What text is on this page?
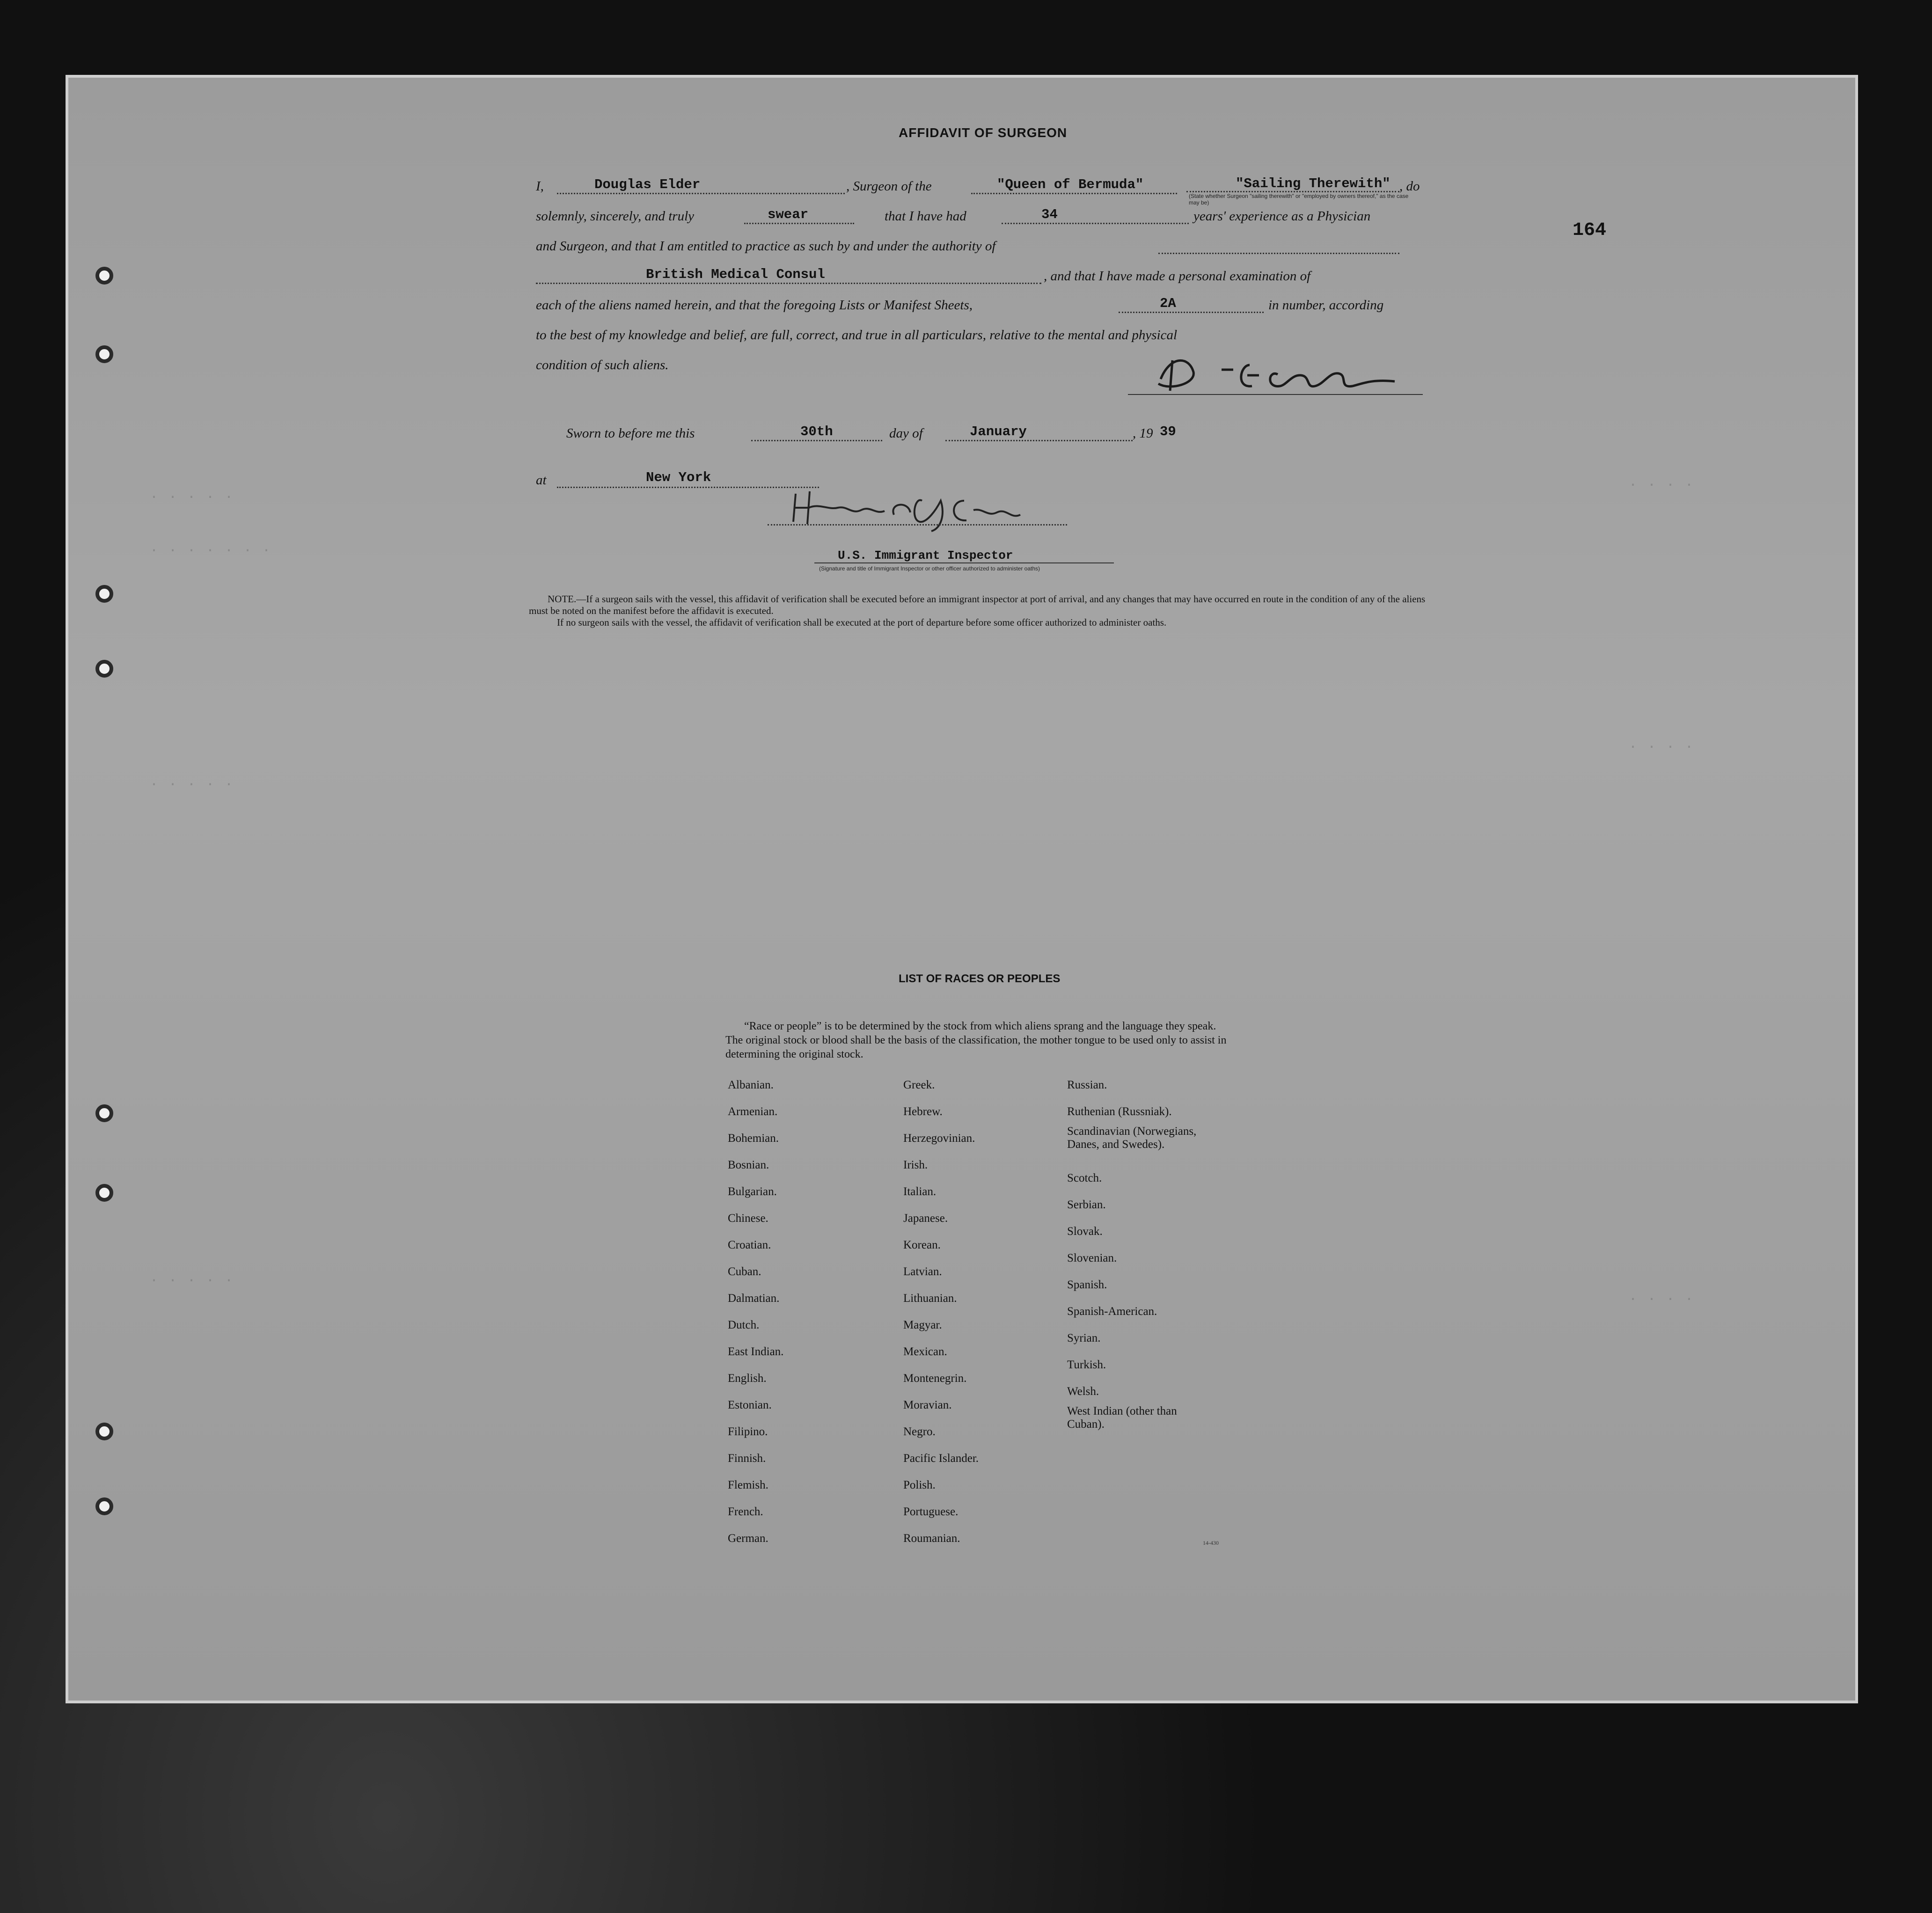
. . . . .
· · · · · · ·
· · · · ·
· · · · ·
· · · ·
· · · ·
· · · ·
164
AFFIDAVIT OF SURGEON
I,	Douglas Elder	, Surgeon of the	"Queen of Bermuda"	"Sailing Therewith" , do
(State whether Surgeon "sailing therewith" or "employed by owners thereof," as the case may be)
solemnly, sincerely, and truly	swear	that I have had	34	years' experience as a Physician
and Surgeon, and that I am entitled to practice as such by and under the authority of
British Medical Consul	, and that I have made a personal examination of
each of the aliens named herein, and that the foregoing Lists or Manifest Sheets,	2A	in number, according
to the best of my knowledge and belief, are full, correct, and true in all particulars, relative to the mental and physical
condition of such aliens.
Sworn to before me this	30th	day of	January	, 19 39
at	New York
U.S. Immigrant Inspector
(Signature and title of Immigrant Inspector or other officer authorized to administer oaths)
NOTE.—If a surgeon sails with the vessel, this affidavit of verification shall be executed before an immigrant inspector at port of arrival, and any changes that may have occurred en route in the condition of any of the aliens must be noted on the manifest before the affidavit is executed.
If no surgeon sails with the vessel, the affidavit of verification shall be executed at the port of departure before some officer authorized to administer oaths.
LIST OF RACES OR PEOPLES
“Race or people” is to be determined by the stock from which aliens sprang and the language they speak. The original stock or blood shall be the basis of the classification, the mother tongue to be used only to assist in determining the original stock.
Albanian.
Armenian.
Bohemian.
Bosnian.
Bulgarian.
Chinese.
Croatian.
Cuban.
Dalmatian.
Dutch.
East Indian.
English.
Estonian.
Filipino.
Finnish.
Flemish.
French.
German.
Greek.
Hebrew.
Herzegovinian.
Irish.
Italian.
Japanese.
Korean.
Latvian.
Lithuanian.
Magyar.
Mexican.
Montenegrin.
Moravian.
Negro.
Pacific Islander.
Polish.
Portuguese.
Roumanian.
Russian.
Ruthenian (Russniak).
Scandinavian (Norwegians,
Danes, and Swedes).
Scotch.
Serbian.
Slovak.
Slovenian.
Spanish.
Spanish-American.
Syrian.
Turkish.
Welsh.
West Indian (other than
Cuban).
14-430
